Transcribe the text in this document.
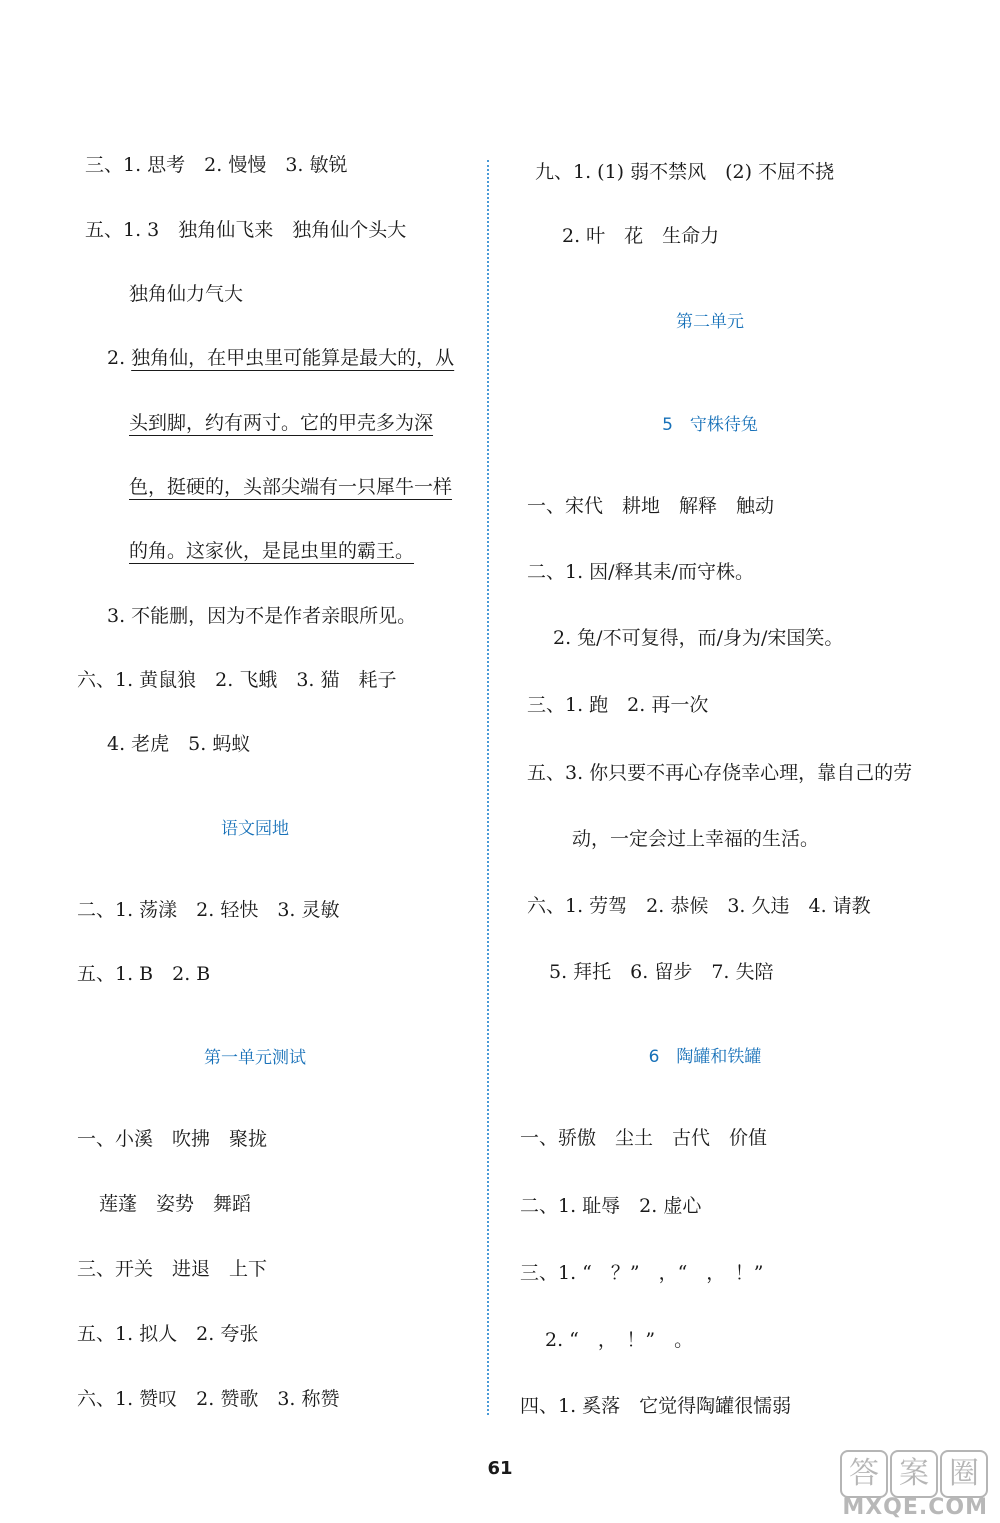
三、1. 思考　2. 慢慢　3. 敏锐
五、1. 3　独角仙飞来　独角仙个头大
独角仙力气大
2. 独角仙，在甲虫里可能算是最大的，从
头到脚，约有两寸。它的甲壳多为深
色，挺硬的，头部尖端有一只犀牛一样
的角。这家伙，是昆虫里的霸王。
3. 不能删，因为不是作者亲眼所见。
六、1. 黄鼠狼　2. 飞蛾　3. 猫　耗子
4. 老虎　5. 蚂蚁
语文园地
二、1. 荡漾　2. 轻快　3. 灵敏
五、1. B　2. B
第一单元测试
一、小溪　吹拂　聚拢
莲蓬　姿势　舞蹈
三、开关　进退　上下
五、1. 拟人　2. 夸张
六、1. 赞叹　2. 赞歌　3. 称赞
九、1. (1) 弱不禁风　(2) 不屈不挠
2. 叶　花　生命力
第二单元
5　守株待兔
一、宋代　耕地　解释　触动
二、1. 因/释其耒/而守株。
2. 兔/不可复得，而/身为/宋国笑。
三、1. 跑　2. 再一次
五、3. 你只要不再心存侥幸心理，靠自己的劳
动，一定会过上幸福的生活。
六、1. 劳驾　2. 恭候　3. 久违　4. 请教
5. 拜托　6. 留步　7. 失陪
6　陶罐和铁罐
一、骄傲　尘土　古代　价值
二、1. 耻辱　2. 虚心
三、1. “　？”　，“　，　！”
2. “　，　！”　。
四、1. 奚落　它觉得陶罐很懦弱
61	答 案 圈
MXQE.COM
